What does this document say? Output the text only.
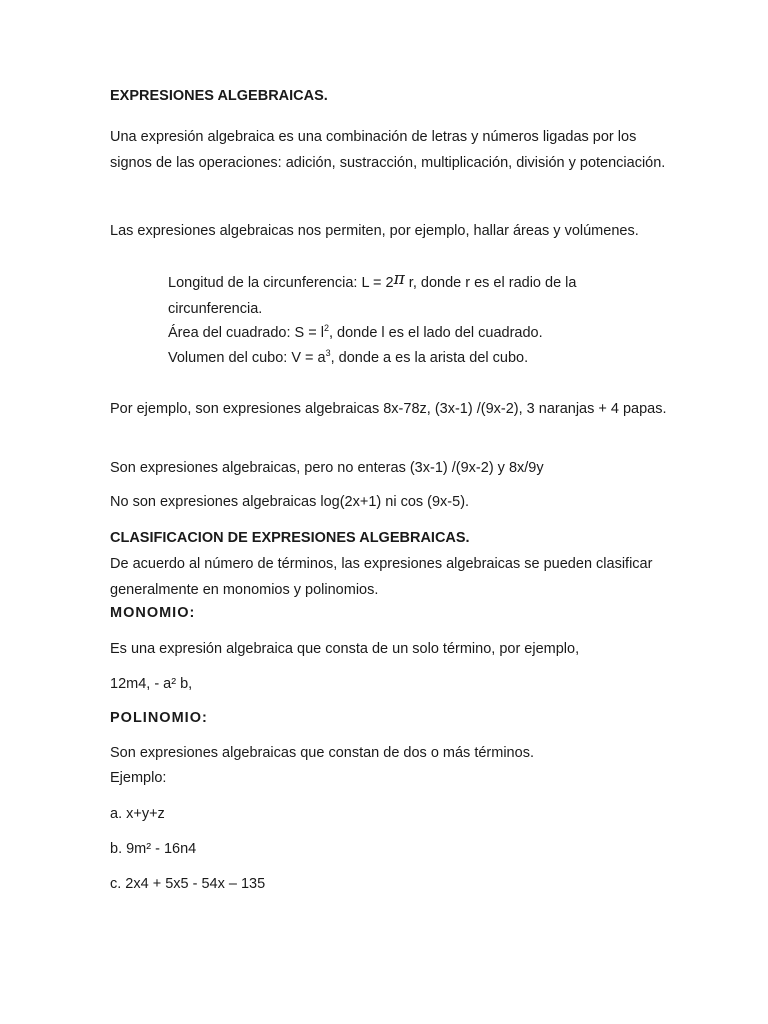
EXPRESIONES ALGEBRAICAS.

Una expresión algebraica es una combinación de letras y números ligadas por los signos de las operaciones: adición, sustracción, multiplicación, división y potenciación.

Las expresiones algebraicas nos permiten, por ejemplo, hallar áreas y volúmenes.

Longitud de la circunferencia: L = 2π r, donde r es el radio de la circunferencia.

Área del cuadrado: $S = l^2$, donde l es el lado del cuadrado.

Volumen del cubo: $V = a^3$, donde a es la arista del cubo.

Por ejemplo, son expresiones algebraicas 8x-78z, (3x-1) /(9x-2), 3 naranjas + 4 papas.

Son expresiones algebraicas, pero no enteras (3x-1) /(9x-2) y 8x/9y

No son expresiones algebraicas log(2x+1) ni cos (9x-5).

CLASIFICACION DE EXPRESIONES ALGEBRAICAS.

De acuerdo al número de términos, las expresiones algebraicas se pueden clasificar generalmente en monomios y polinomios.

MONOMIO:

Es una expresión algebraica que consta de un solo término, por ejemplo,

12m4, - a² b,

POLINOMIO:

Son expresiones algebraicas que constan de dos o más términos.

Ejemplo:

a. x+y+z

b. 9m² - 16n4

c. 2x4 + 5x5 - 54x – 135
